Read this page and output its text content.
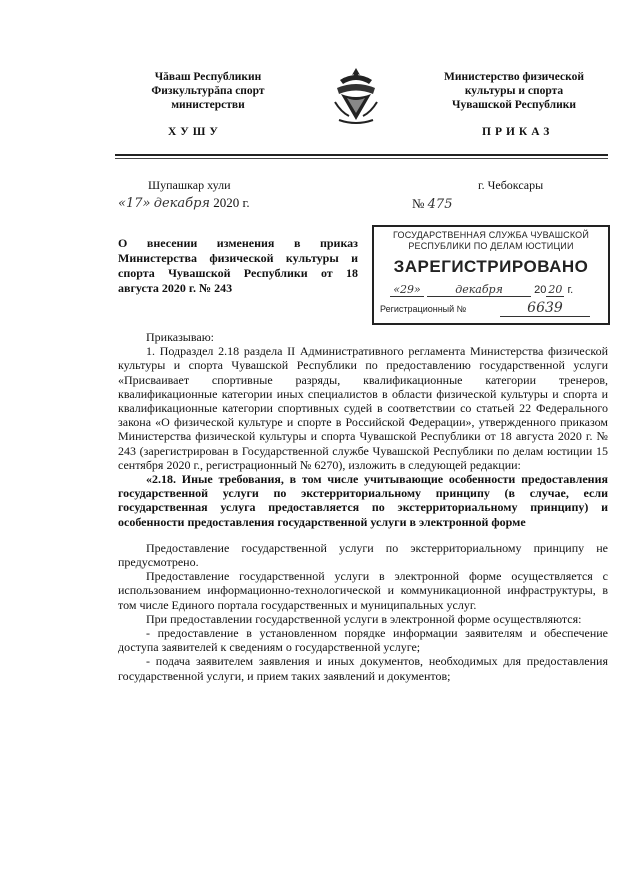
Чăваш Республикин
Физкультурăпа спорт
министерстви
ХУШУ
Министерство физической
культуры и спорта
Чувашской Республики
ПРИКАЗ
Шупашкар хули	г. Чебоксары
«17» декабря 2020 г.	№ 475
О внесении изменения в приказ Министерства физической культуры и спорта Чувашской Республики от 18 августа 2020 г. № 243
ГОСУДАРСТВЕННАЯ СЛУЖБА ЧУВАШСКОЙ
РЕСПУБЛИКИ ПО ДЕЛАМ ЮСТИЦИИ
ЗАРЕГИСТРИРОВАНО
«29»	декабря	20 20 г.
Регистрационный №	6639

Приказываю:

1. Подраздел 2.18 раздела II Административного регламента Министерства физической культуры и спорта Чувашской Республики по предоставлению государственной услуги «Присваивает спортивные разряды, квалификационные категории тренеров, квалификационные категории иных специалистов в области физической культуры и спорта и квалификационные категории спортивных судей в соответствии со статьей 22 Федерального закона «О физической культуре и спорте в Российской Федерации», утвержденного приказом Министерства физической культуры и спорта Чувашской Республики от 18 августа 2020 г. № 243 (зарегистрирован в Государственной службе Чувашской Республики по делам юстиции 15 сентября 2020 г., регистрационный № 6270), изложить в следующей редакции:

«2.18. Иные требования, в том числе учитывающие особенности предоставления государственной услуги по экстерриториальному принципу (в случае, если государственная услуга предоставляется по экстерриториальному принципу) и особенности предоставления государственной услуги в электронной форме

Предоставление государственной услуги по экстерриториальному принципу не предусмотрено.

Предоставление государственной услуги в электронной форме осуществляется с использованием информационно-технологической и коммуникационной инфраструктуры, в том числе Единого портала государственных и муниципальных услуг.

При предоставлении государственной услуги в электронной форме осуществляются:

- предоставление в установленном порядке информации заявителям и обеспечение доступа заявителей к сведениям о государственной услуге;

- подача заявителем заявления и иных документов, необходимых для предоставления государственной услуги, и прием таких заявлений и документов;
